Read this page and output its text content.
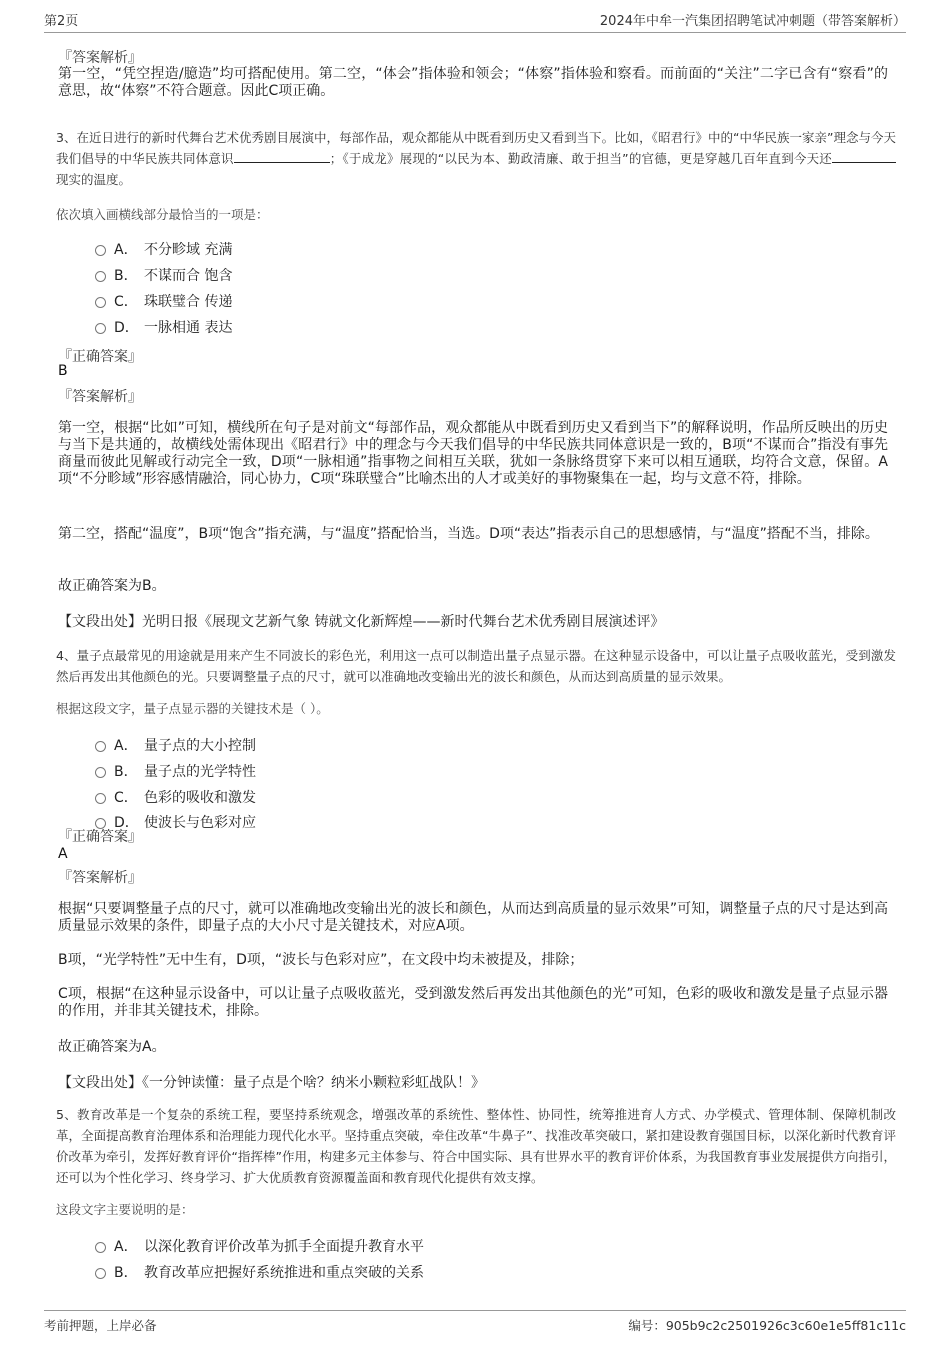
第2页	2024年中牟一汽集团招聘笔试冲刺题（带答案解析）
『答案解析』
第一空，“凭空捏造/臆造”均可搭配使用。第二空，“体会”指体验和领会；“体察”指体验和察看。而前面的“关注”二字已含有“察看”的意思，故“体察”不符合题意。因此C项正确。
3、在近日进行的新时代舞台艺术优秀剧目展演中，每部作品，观众都能从中既看到历史又看到当下。比如，《昭君行》中的“中华民族一家亲”理念与今天我们倡导的中华民族共同体意识	；《于成龙》展现的“以民为本、勤政清廉、敢于担当”的官德，更是穿越几百年直到今天还现实的温度。
依次填入画横线部分最恰当的一项是：
A． 不分畛域 充满
B． 不谋而合 饱含
C． 珠联璧合 传递
D． 一脉相通 表达
『正确答案』
B
『答案解析』
第一空，根据“比如”可知，横线所在句子是对前文“每部作品，观众都能从中既看到历史又看到当下”的解释说明，作品所反映出的历史与当下是共通的，故横线处需体现出《昭君行》中的理念与今天我们倡导的中华民族共同体意识是一致的，B项“不谋而合”指没有事先商量而彼此见解或行动完全一致，D项“一脉相通”指事物之间相互关联，犹如一条脉络贯穿下来可以相互通联，均符合文意，保留。A项“不分畛域”形容感情融洽，同心协力，C项“珠联璧合”比喻杰出的人才或美好的事物聚集在一起，均与文意不符，排除。
第二空，搭配“温度”，B项“饱含”指充满，与“温度”搭配恰当，当选。D项“表达”指表示自己的思想感情，与“温度”搭配不当，排除。
故正确答案为B。
【文段出处】光明日报《展现文艺新气象 铸就文化新辉煌——新时代舞台艺术优秀剧目展演述评》
4、量子点最常见的用途就是用来产生不同波长的彩色光，利用这一点可以制造出量子点显示器。在这种显示设备中，可以让量子点吸收蓝光，受到激发然后再发出其他颜色的光。只要调整量子点的尺寸，就可以准确地改变输出光的波长和颜色，从而达到高质量的显示效果。
根据这段文字，量子点显示器的关键技术是（ ）。
A． 量子点的大小控制
B． 量子点的光学特性
C． 色彩的吸收和激发
D． 使波长与色彩对应
『正确答案』
A
『答案解析』
根据“只要调整量子点的尺寸，就可以准确地改变输出光的波长和颜色，从而达到高质量的显示效果”可知，调整量子点的尺寸是达到高质量显示效果的条件，即量子点的大小尺寸是关键技术，对应A项。
B项，“光学特性”无中生有，D项，“波长与色彩对应”，在文段中均未被提及，排除；
C项，根据“在这种显示设备中，可以让量子点吸收蓝光，受到激发然后再发出其他颜色的光”可知，色彩的吸收和激发是量子点显示器的作用，并非其关键技术，排除。
故正确答案为A。
【文段出处】《一分钟读懂：量子点是个啥？纳米小颗粒彩虹战队！》
5、教育改革是一个复杂的系统工程，要坚持系统观念，增强改革的系统性、整体性、协同性，统筹推进育人方式、办学模式、管理体制、保障机制改革，全面提高教育治理体系和治理能力现代化水平。坚持重点突破，牵住改革“牛鼻子”、找准改革突破口，紧扣建设教育强国目标，以深化新时代教育评价改革为牵引，发挥好教育评价“指挥棒”作用，构建多元主体参与、符合中国实际、具有世界水平的教育评价体系，为我国教育事业发展提供方向指引，还可以为个性化学习、终身学习、扩大优质教育资源覆盖面和教育现代化提供有效支撑。
这段文字主要说明的是：
A． 以深化教育评价改革为抓手全面提升教育水平
B． 教育改革应把握好系统推进和重点突破的关系
考前押题，上岸必备	编号：905b9c2c2501926c3c60e1e5ff81c11c
